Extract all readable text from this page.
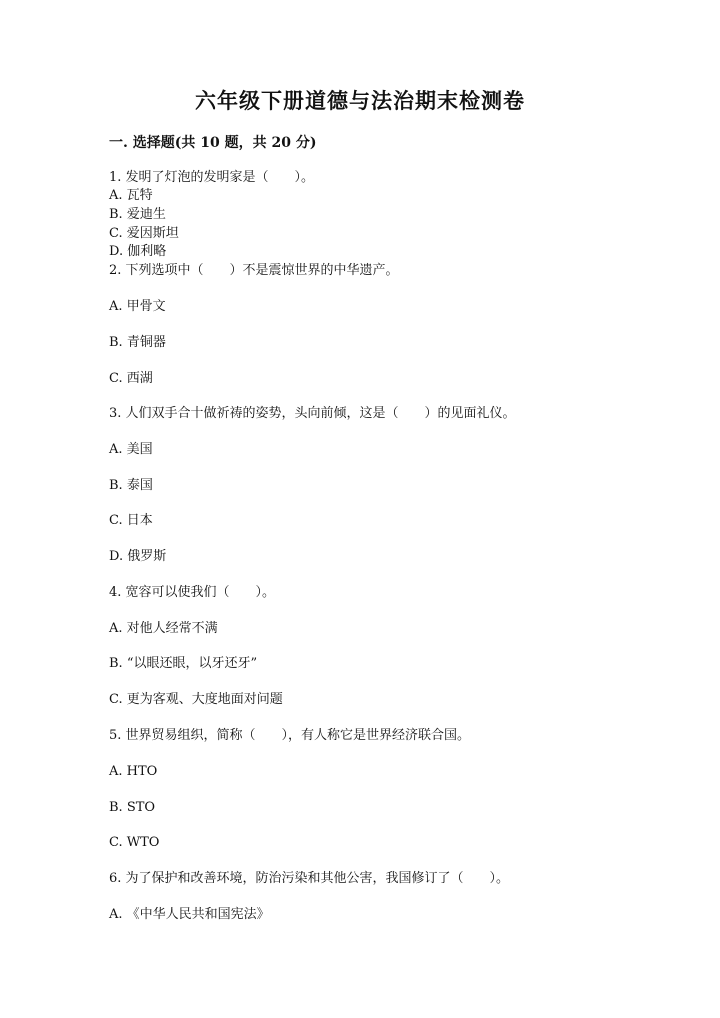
六年级下册道德与法治期末检测卷
一. 选择题(共 10 题，共 20 分)
1. 发明了灯泡的发明家是（　　）。
A. 瓦特
B. 爱迪生
C. 爱因斯坦
D. 伽利略
2. 下列选项中（　　）不是震惊世界的中华遗产。
A. 甲骨文
B. 青铜器
C. 西湖
3. 人们双手合十做祈祷的姿势，头向前倾，这是（　　）的见面礼仪。
A. 美国
B. 泰国
C. 日本
D. 俄罗斯
4. 宽容可以使我们（　　）。
A. 对他人经常不满
B. “以眼还眼，以牙还牙”
C. 更为客观、大度地面对问题
5. 世界贸易组织，简称（　　），有人称它是世界经济联合国。
A. HTO
B. STO
C. WTO
6. 为了保护和改善环境，防治污染和其他公害，我国修订了（　　）。
A. 《中华人民共和国宪法》
